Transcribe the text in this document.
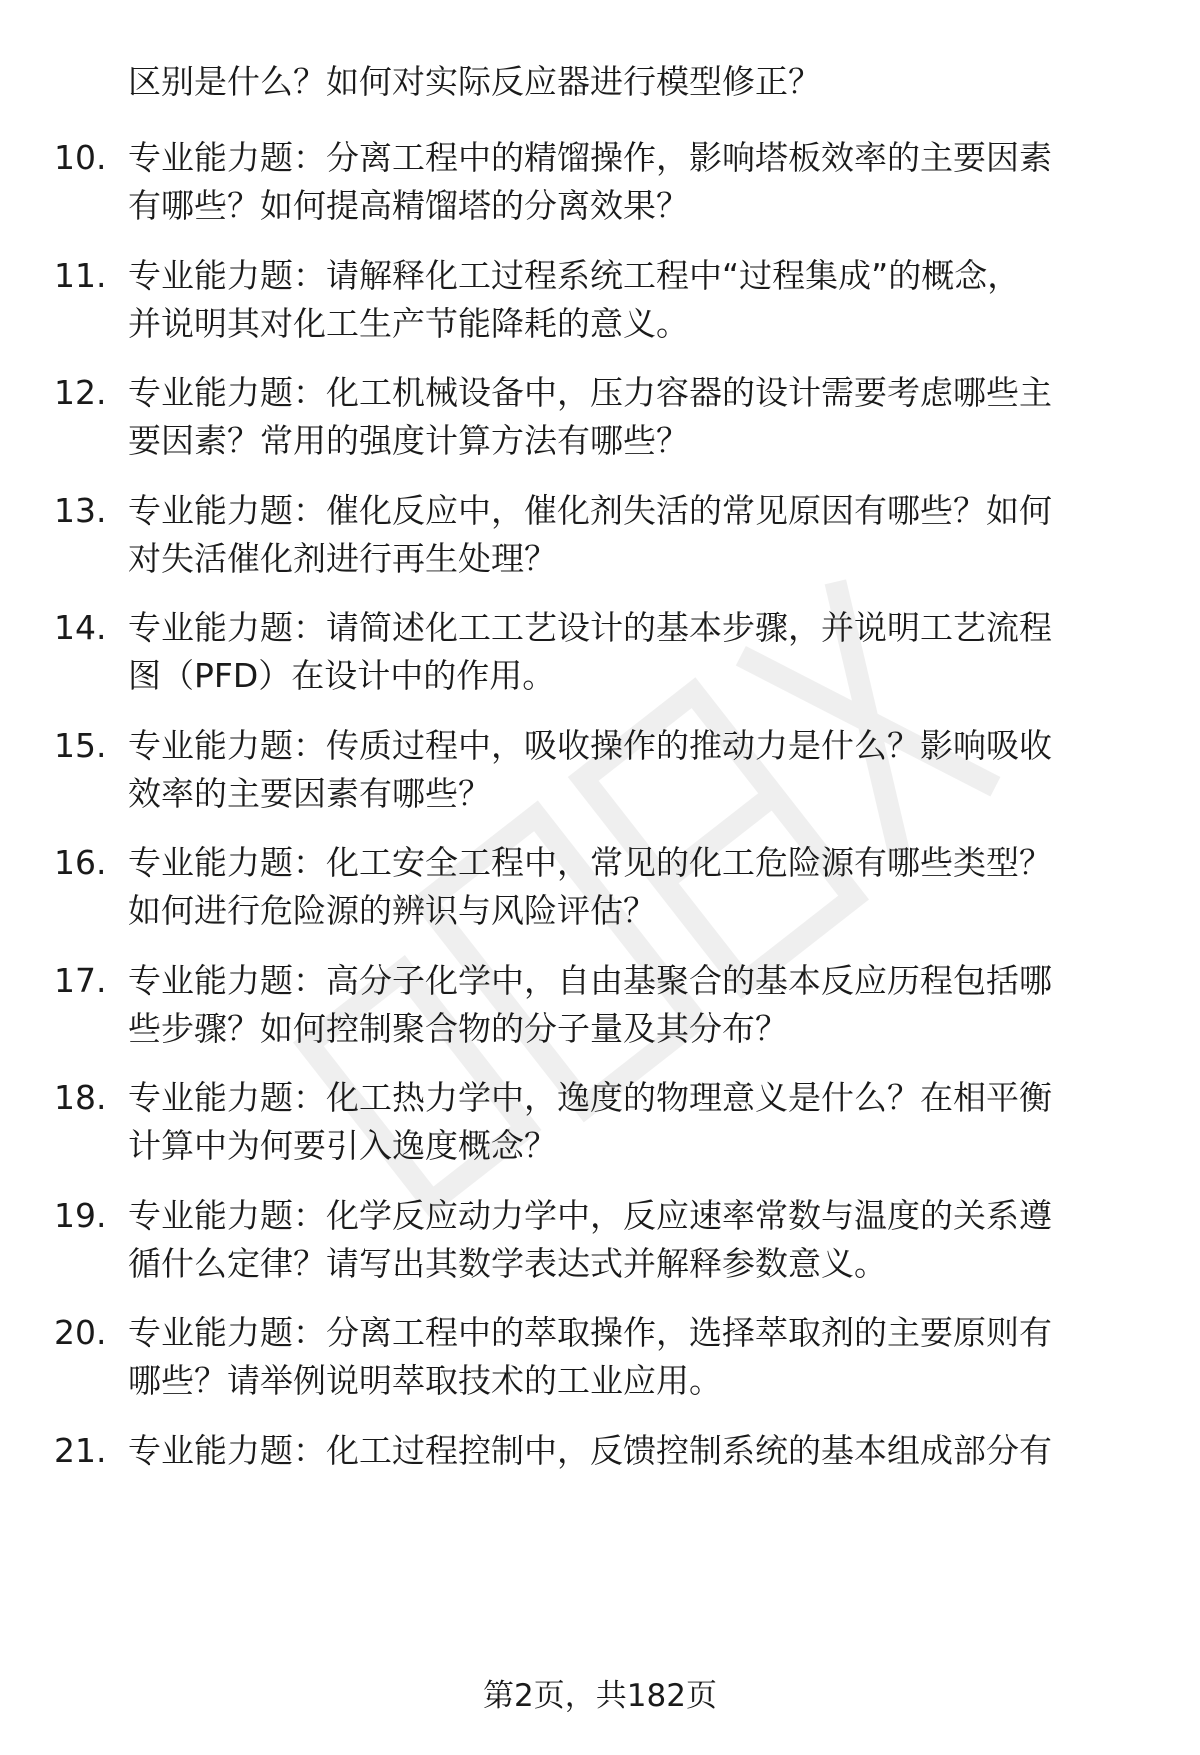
区别是什么？如何对实际反应器进行模型修正？
10. 专业能力题：分离工程中的精馏操作，影响塔板效率的主要因素
有哪些？如何提高精馏塔的分离效果？
11. 专业能力题：请解释化工过程系统工程中“过程集成”的概念，
并说明其对化工生产节能降耗的意义。
12. 专业能力题：化工机械设备中，压力容器的设计需要考虑哪些主
要因素？常用的强度计算方法有哪些？
13. 专业能力题：催化反应中，催化剂失活的常见原因有哪些？如何
对失活催化剂进行再生处理？
14. 专业能力题：请简述化工工艺设计的基本步骤，并说明工艺流程
图（PFD）在设计中的作用。
15. 专业能力题：传质过程中，吸收操作的推动力是什么？影响吸收
效率的主要因素有哪些？
16. 专业能力题：化工安全工程中，常见的化工危险源有哪些类型？
如何进行危险源的辨识与风险评估？
17. 专业能力题：高分子化学中，自由基聚合的基本反应历程包括哪
些步骤？如何控制聚合物的分子量及其分布？
18. 专业能力题：化工热力学中，逸度的物理意义是什么？在相平衡
计算中为何要引入逸度概念？
19. 专业能力题：化学反应动力学中，反应速率常数与温度的关系遵
循什么定律？请写出其数学表达式并解释参数意义。
20. 专业能力题：分离工程中的萃取操作，选择萃取剂的主要原则有
哪些？请举例说明萃取技术的工业应用。
21. 专业能力题：化工过程控制中，反馈控制系统的基本组成部分有
第2页，共182页
